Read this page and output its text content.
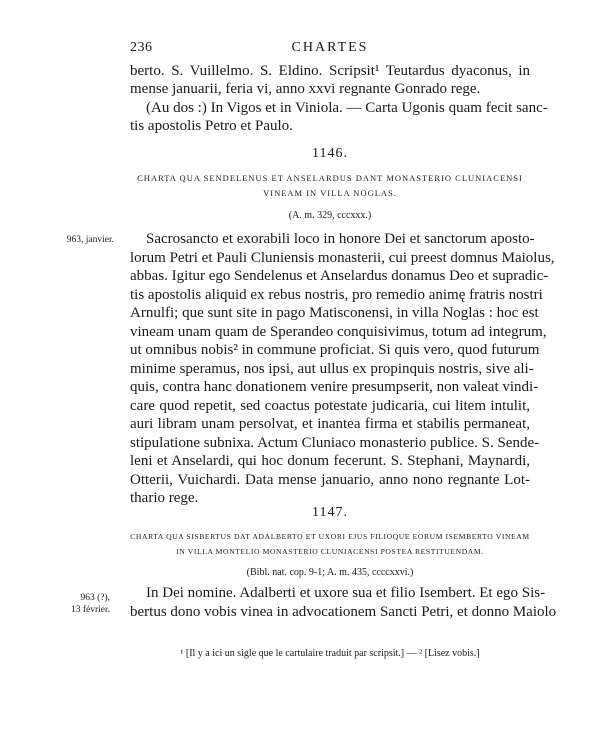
236	CHARTES
berto. S. Vuillelmo. S. Eldino. Scripsit¹ Teutardus dyaconus, in
mense januarii, feria vi, anno xxvi regnante Gonrado rege.
(Au dos :) In Vigos et in Viniola. — Carta Ugonis quam fecit sanc-
tis apostolis Petro et Paulo.
1146.
CHARTA QUA SENDELENUS ET ANSELARDUS DANT MONASTERIO CLUNIACENSI
VINEAM IN VILLA NOGLAS.
(A. m. 329, cccxxx.)
963, janvier.	Sacrosancto et exorabili loco in honore Dei et sanctorum aposto-
lorum Petri et Pauli Cluniensis monasterii, cui preest domnus Maiolus,
abbas. Igitur ego Sendelenus et Anselardus donamus Deo et supradic-
tis apostolis aliquid ex rebus nostris, pro remedio animę fratris nostri
Arnulfi; que sunt site in pago Matisconensi, in villa Noglas : hoc est
vineam unam quam de Sperandeo conquisivimus, totum ad integrum,
ut omnibus nobis² in commune proficiat. Si quis vero, quod futurum
minime speramus, nos ipsi, aut ullus ex propinquis nostris, sive ali-
quis, contra hanc donationem venire presumpserit, non valeat vindi-
care quod repetit, sed coactus potestate judicaria, cui litem intulit,
auri libram unam persolvat, et inantea firma et stabilis permaneat,
stipulatione subnixa. Actum Cluniaco monasterio publice. S. Sende-
leni et Anselardi, qui hoc donum fecerunt. S. Stephani, Maynardi,
Otterii, Vuichardi. Data mense januario, anno nono regnante Lot-
thario rege.
1147.
CHARTA QUA SISBERTUS DAT ADALBERTO ET UXORI EJUS FILIOQUE EORUM ISEMBERTO VINEAM
IN VILLA MONTELIO MONASTERIO CLUNIACENSI POSTEA RESTITUENDAM.
(Bibl. nat. cop. 9-1; A. m. 435, ccccxxvi.)
963 (?),
13 février.
In Dei nomine. Adalberti et uxore sua et filio Isembert. Et ego Sis-
bertus dono vobis vinea in advocationem Sancti Petri, et donno Maiolo
¹ [Il y a ici un sigle que le cartulaire traduit par scripsit.] — ² [Lisez vobis.]
